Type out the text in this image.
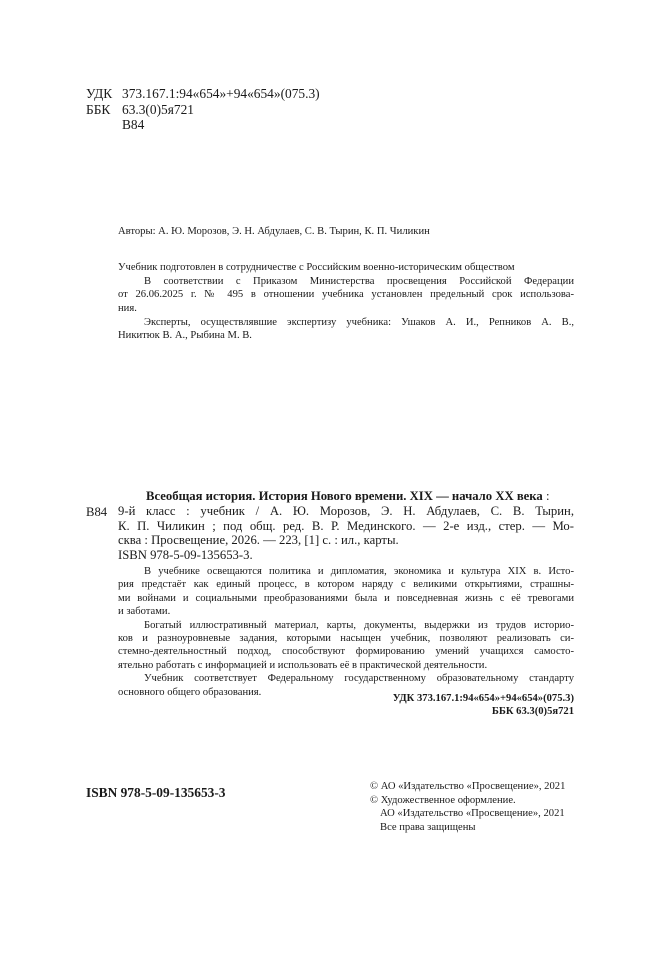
УДК 373.167.1:94«654»+94«654»(075.3)
ББК 63.3(0)5я721
В84
Авторы: А. Ю. Морозов, Э. Н. Абдулаев, С. В. Тырин, К. П. Чиликин
Учебник подготовлен в сотрудничестве с Российским военно-историческим обществом
В соответствии с Приказом Министерства просвещения Российской Федерации
от 26.06.2025 г. № 495 в отношении учебника установлен предельный срок использова-
ния.
Эксперты, осуществлявшие экспертизу учебника: Ушаков А. И., Репников А. В.,
Никитюк В. А., Рыбина М. В.
В84
Всеобщая история. История Нового времени. XIX — начало XX века :
9-й класс : учебник / А. Ю. Морозов, Э. Н. Абдулаев, С. В. Тырин,
К. П. Чиликин ; под общ. ред. В. Р. Мединского. — 2-е изд., стер. — Мо-
сква : Просвещение, 2026. — 223, [1] с. : ил., карты.
ISBN 978-5-09-135653-3.

В учебнике освещаются политика и дипломатия, экономика и культура XIX в. Исто-
рия предстаёт как единый процесс, в котором наряду с великими открытиями, страшны-
ми войнами и социальными преобразованиями была и повседневная жизнь с её тревогами
и заботами.

Богатый иллюстративный материал, карты, документы, выдержки из трудов историо-
ков и разноуровневые задания, которыми насыщен учебник, позволяют реализовать си-
стемно-деятельностный подход, способствуют формированию умений учащихся самосто-
ятельно работать с информацией и использовать её в практической деятельности.

Учебник соответствует Федеральному государственному образовательному стандарту
основного общего образования.

УДК 373.167.1:94«654»+94«654»(075.3)
ББК 63.3(0)5я721
ISBN 978-5-09-135653-3	© АО «Издательство «Просвещение», 2021
© Художественное оформление.
АО «Издательство «Просвещение», 2021
Все права защищены
